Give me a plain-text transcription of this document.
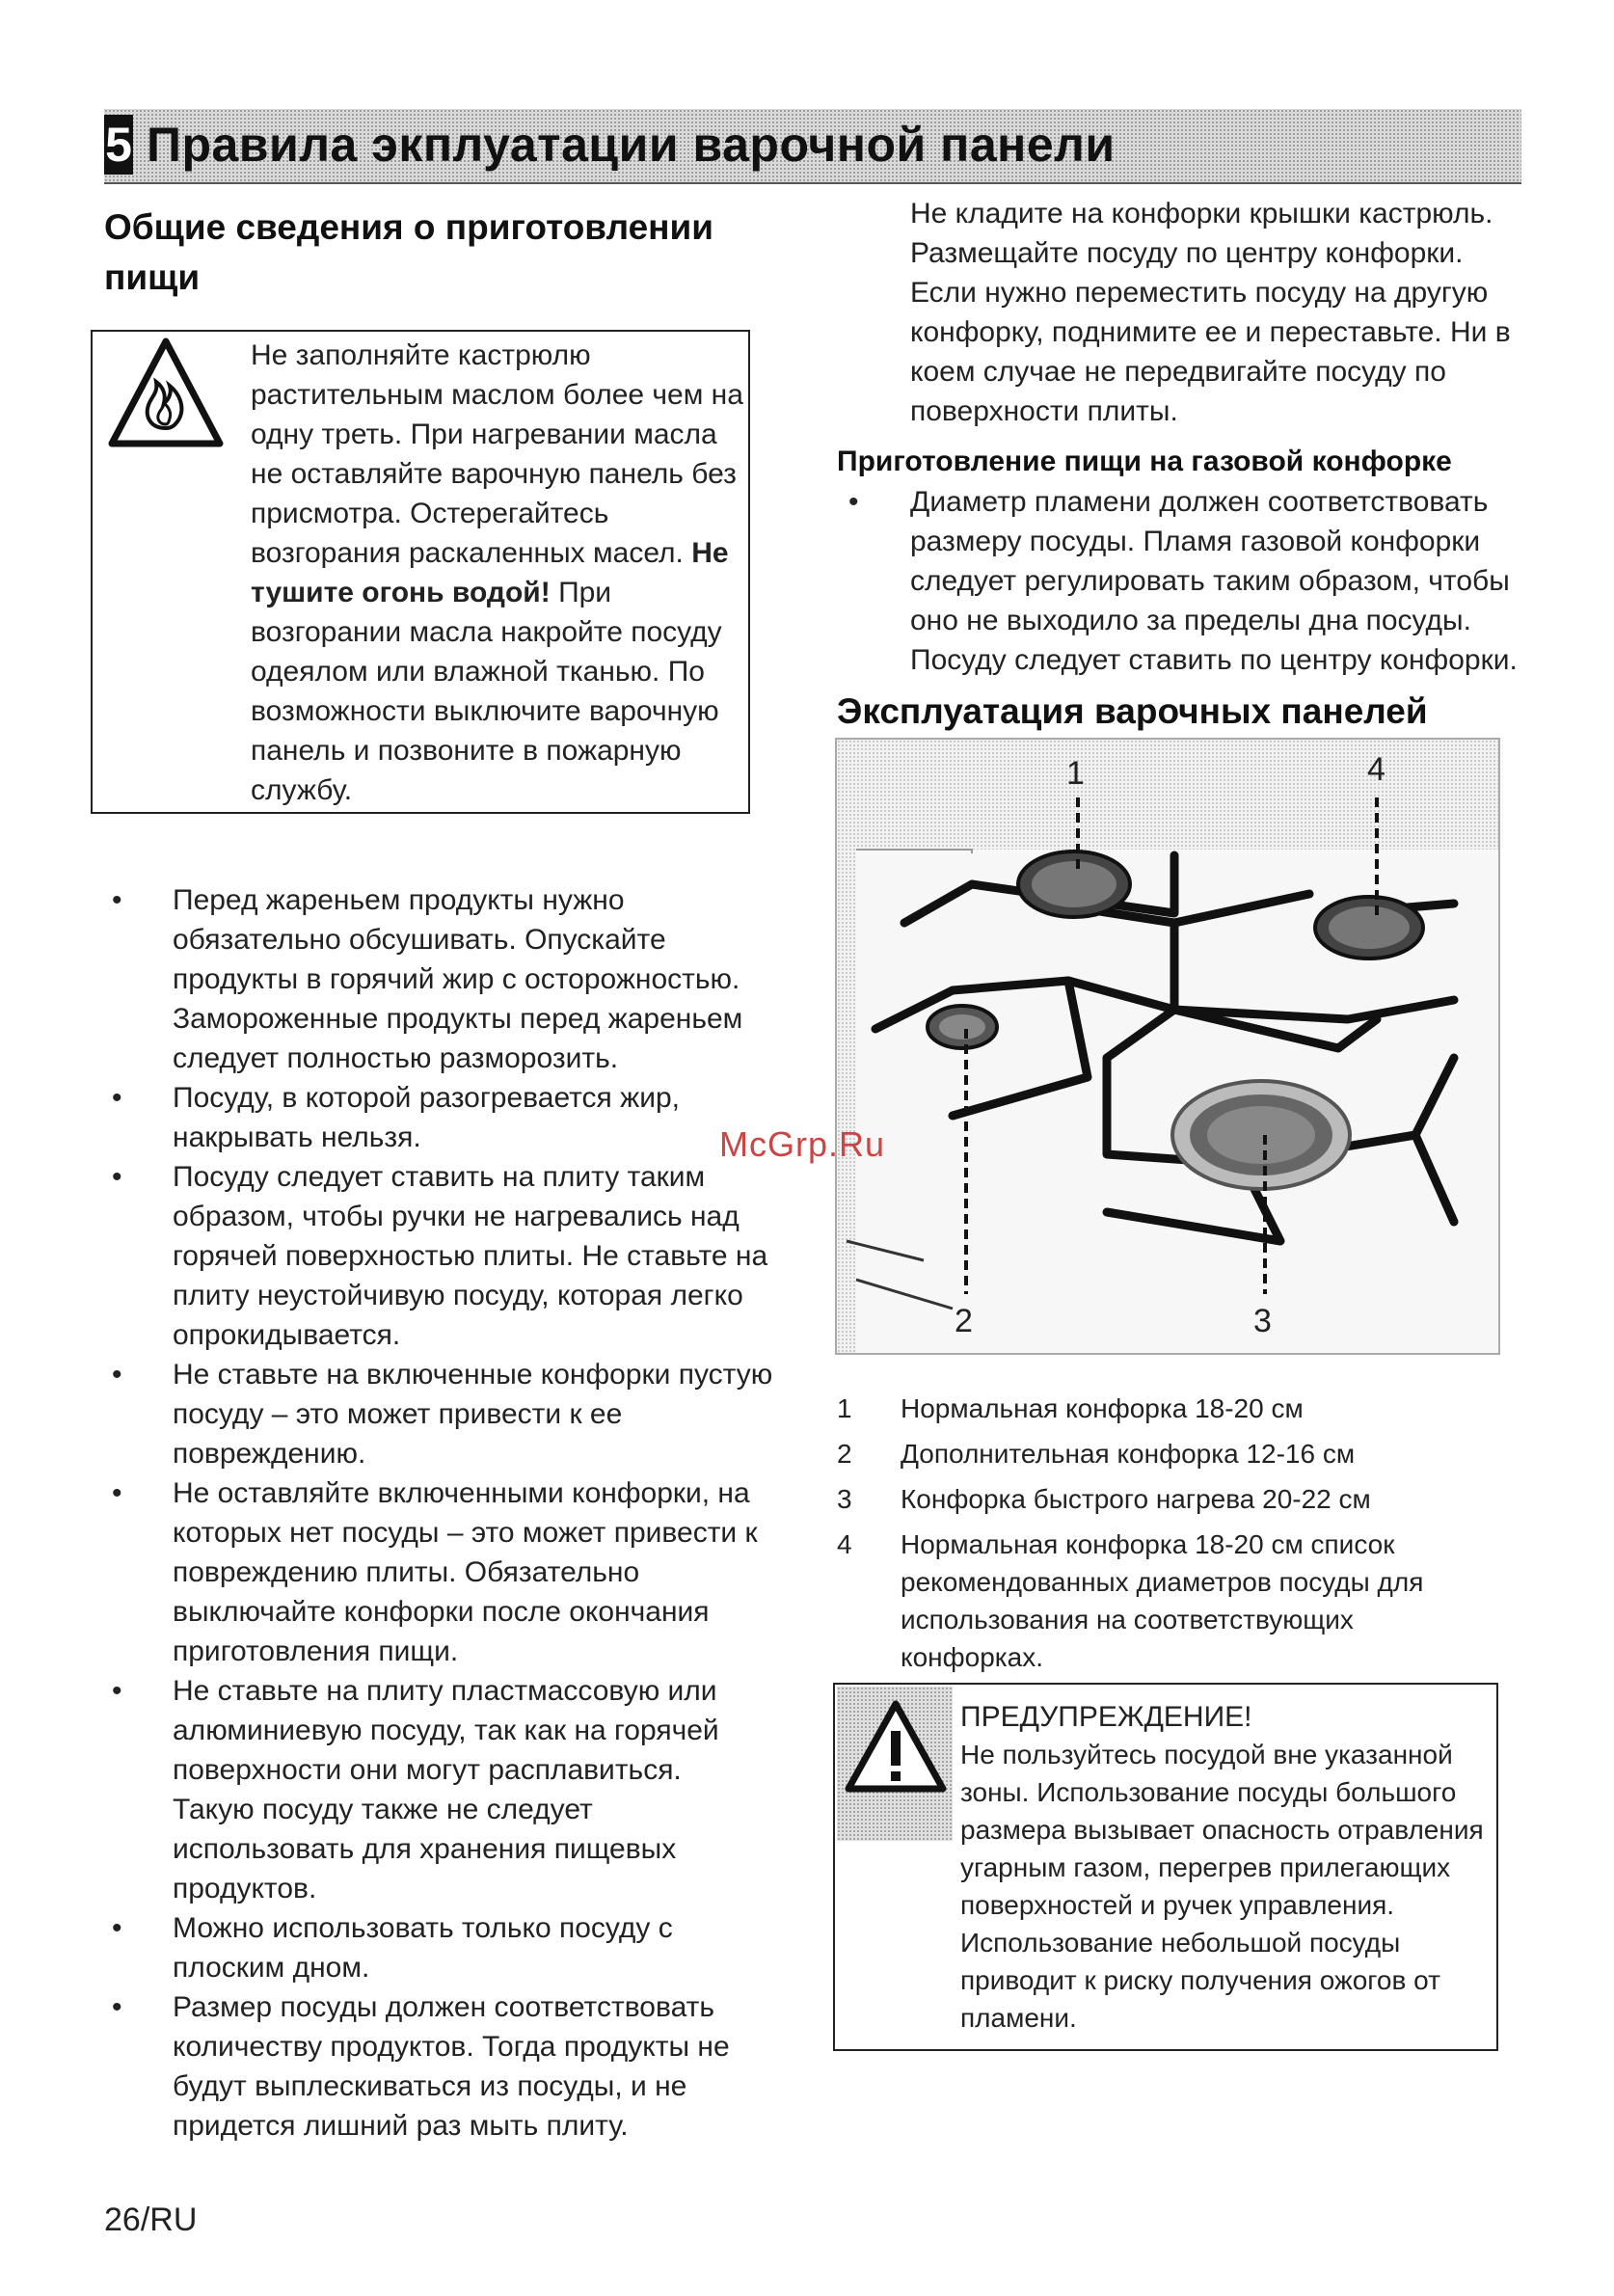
5 Правила экплуатации варочной панели
Общие сведения о приготовлении
пищи
Не заполняйте кастрюлю
растительным маслом более чем на
одну треть. При нагревании масла
не оставляйте варочную панель без
присмотра. Остерегайтесь
возгорания раскаленных масел. Не
тушите огонь водой! При
возгорании масла накройте посуду
одеялом или влажной тканью. По
возможности выключите варочную
панель и позвоните в пожарную
службу.
• Перед жареньем продукты нужно
обязательно обсушивать. Опускайте
продукты в горячий жир с осторожностью.
Замороженные продукты перед жареньем
следует полностью разморозить.
• Посуду, в которой разогревается жир,
накрывать нельзя.
• Посуду следует ставить на плиту таким
образом, чтобы ручки не нагревались над
горячей поверхностью плиты. Не ставьте на
плиту неустойчивую посуду, которая легко
опрокидывается.
• Не ставьте на включенные конфорки пустую
посуду – это может привести к ее
повреждению.
• Не оставляйте включенными конфорки, на
которых нет посуды – это может привести к
повреждению плиты. Обязательно
выключайте конфорки после окончания
приготовления пищи.
• Не ставьте на плиту пластмассовую или
алюминиевую посуду, так как на горячей
поверхности они могут расплавиться.
Такую посуду также не следует
использовать для хранения пищевых
продуктов.
• Можно использовать только посуду с
плоским дном.
• Размер посуды должен соответствовать
количеству продуктов. Тогда продукты не
будут выплескиваться из посуды, и не
придется лишний раз мыть плиту.
Не кладите на конфорки крышки кастрюль.
Размещайте посуду по центру конфорки.
Если нужно переместить посуду на другую
конфорку, поднимите ее и переставьте. Ни в
коем случае не передвигайте посуду по
поверхности плиты.
Приготовление пищи на газовой конфорке
• Диаметр пламени должен соответствовать
размеру посуды. Пламя газовой конфорки
следует регулировать таким образом, чтобы
оно не выходило за пределы дна посуды.
Посуду следует ставить по центру конфорки.
Эксплуатация варочных панелей
1	4
2	3
1 Нормальная конфорка 18-20 см
2 Дополнительная конфорка 12-16 см
3 Конфорка быстрого нагрева 20-22 см
4 Нормальная конфорка 18-20 см список
рекомендованных диаметров посуды для
использования на соответствующих
конфорках.
ПРЕДУПРЕЖДЕНИЕ!
Не пользуйтесь посудой вне указанной
зоны. Использование посуды большого
размера вызывает опасность отравления
угарным газом, перегрев прилегающих
поверхностей и ручек управления.
Использование небольшой посуды
приводит к риску получения ожогов от
пламени.
McGrp.Ru
26/RU
